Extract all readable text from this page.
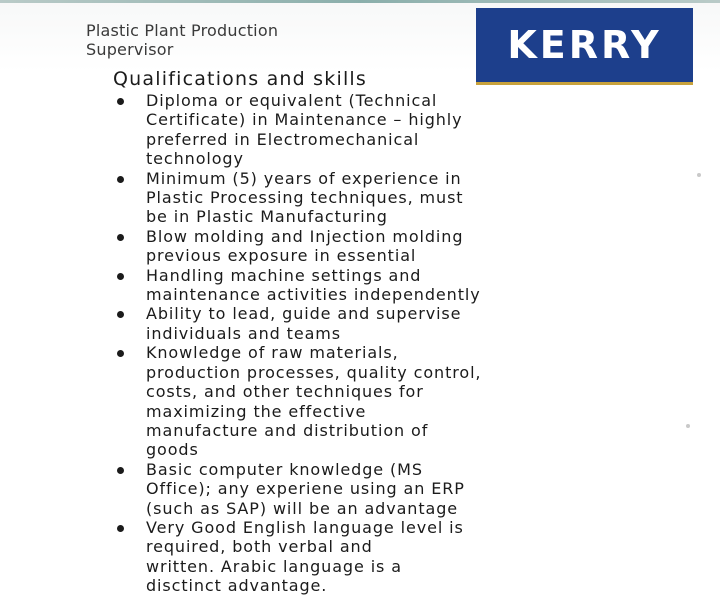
Plastic Plant Production
Supervisor	KERRY
Qualifications and skills
Diploma or equivalent (Technical
Certificate) in Maintenance – highly
preferred in Electromechanical
technology
Minimum (5) years of experience in
Plastic Processing techniques, must
be in Plastic Manufacturing
Blow molding and Injection molding
previous exposure in essential
Handling machine settings and
maintenance activities independently
Ability to lead, guide and supervise
individuals and teams
Knowledge of raw materials,
production processes, quality control,
costs, and other techniques for
maximizing the effective
manufacture and distribution of
goods
Basic computer knowledge (MS
Office); any experiene using an ERP
(such as SAP) will be an advantage
Very Good English language level is
required, both verbal and
written. Arabic language is a
disctinct advantage.
